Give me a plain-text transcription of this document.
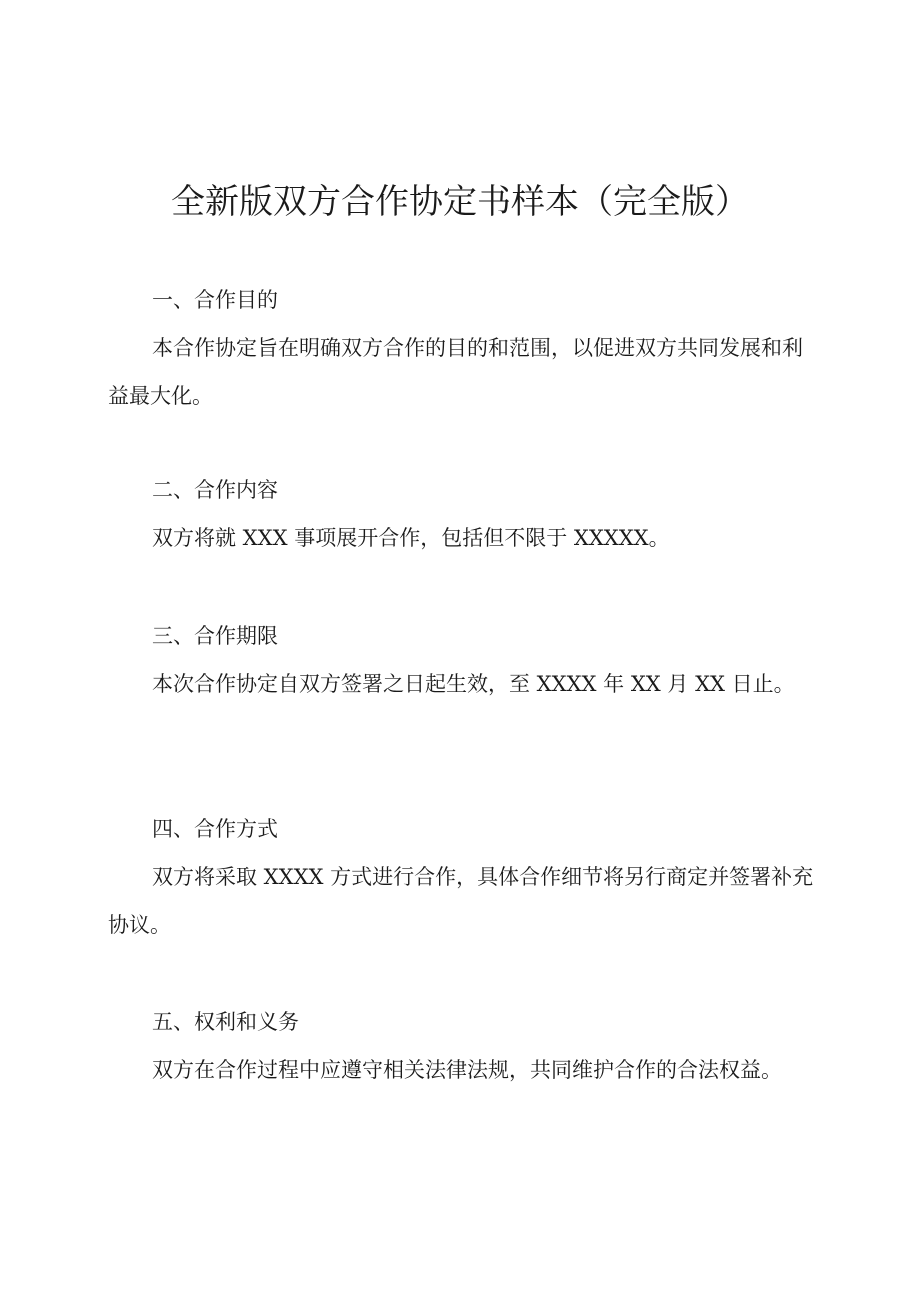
全新版双方合作协定书样本（完全版）
一、合作目的

本合作协定旨在明确双方合作的目的和范围，以促进双方共同发展和利益最大化。

二、合作内容

双方将就 XXX 事项展开合作，包括但不限于 XXXXX。

三、合作期限

本次合作协定自双方签署之日起生效，至 XXXX 年 XX 月 XX 日止。

四、合作方式

双方将采取 XXXX 方式进行合作，具体合作细节将另行商定并签署补充协议。

五、权利和义务

双方在合作过程中应遵守相关法律法规，共同维护合作的合法权益。
